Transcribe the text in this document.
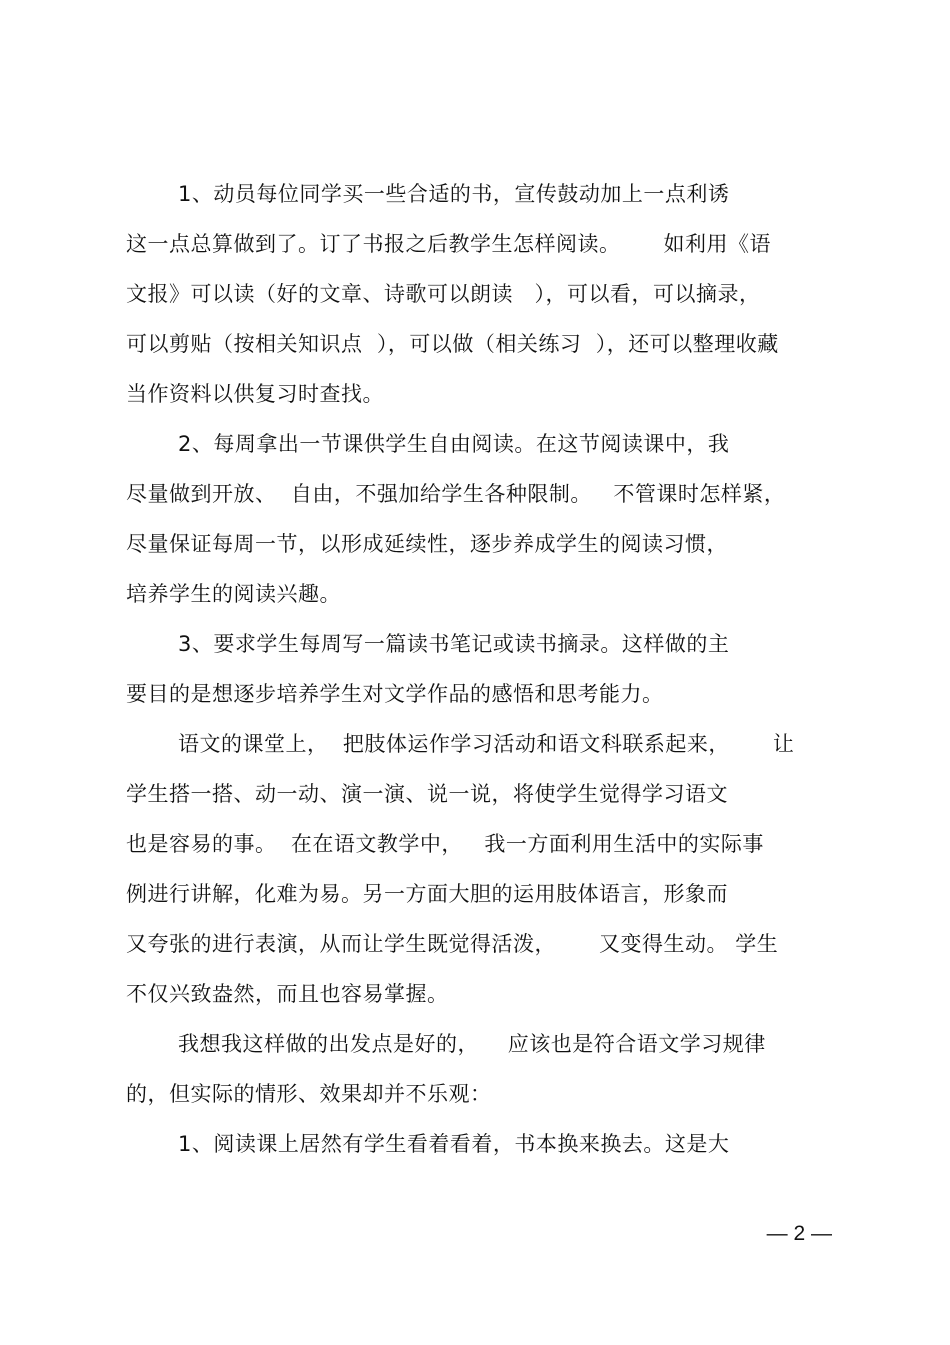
1、动员每位同学买一些合适的书，宣传鼓动加上一点利诱
这一点总算做到了。订了书报之后教学生怎样阅读。      如利用《语
文报》可以读（好的文章、诗歌可以朗读   ），可以看，可以摘录，
可以剪贴（按相关知识点  ），可以做（相关练习  ），还可以整理收藏
当作资料以供复习时查找。
2、每周拿出一节课供学生自由阅读。在这节阅读课中，我
尽量做到开放、  自由，不强加给学生各种限制。   不管课时怎样紧，
尽量保证每周一节，以形成延续性，逐步养成学生的阅读习惯，
培养学生的阅读兴趣。
3、要求学生每周写一篇读书笔记或读书摘录。这样做的主
要目的是想逐步培养学生对文学作品的感悟和思考能力。
语文的课堂上，  把肢体运作学习活动和语文科联系起来，      让
学生搭一搭、动一动、演一演、说一说，将使学生觉得学习语文
也是容易的事。  在在语文教学中，   我一方面利用生活中的实际事
例进行讲解，化难为易。另一方面大胆的运用肢体语言，形象而
又夸张的进行表演，从而让学生既觉得活泼，      又变得生动。 学生
不仅兴致盎然，而且也容易掌握。
我想我这样做的出发点是好的，    应该也是符合语文学习规律
的，但实际的情形、效果却并不乐观：
1、阅读课上居然有学生看着看着，书本换来换去。这是大
— 2 —
